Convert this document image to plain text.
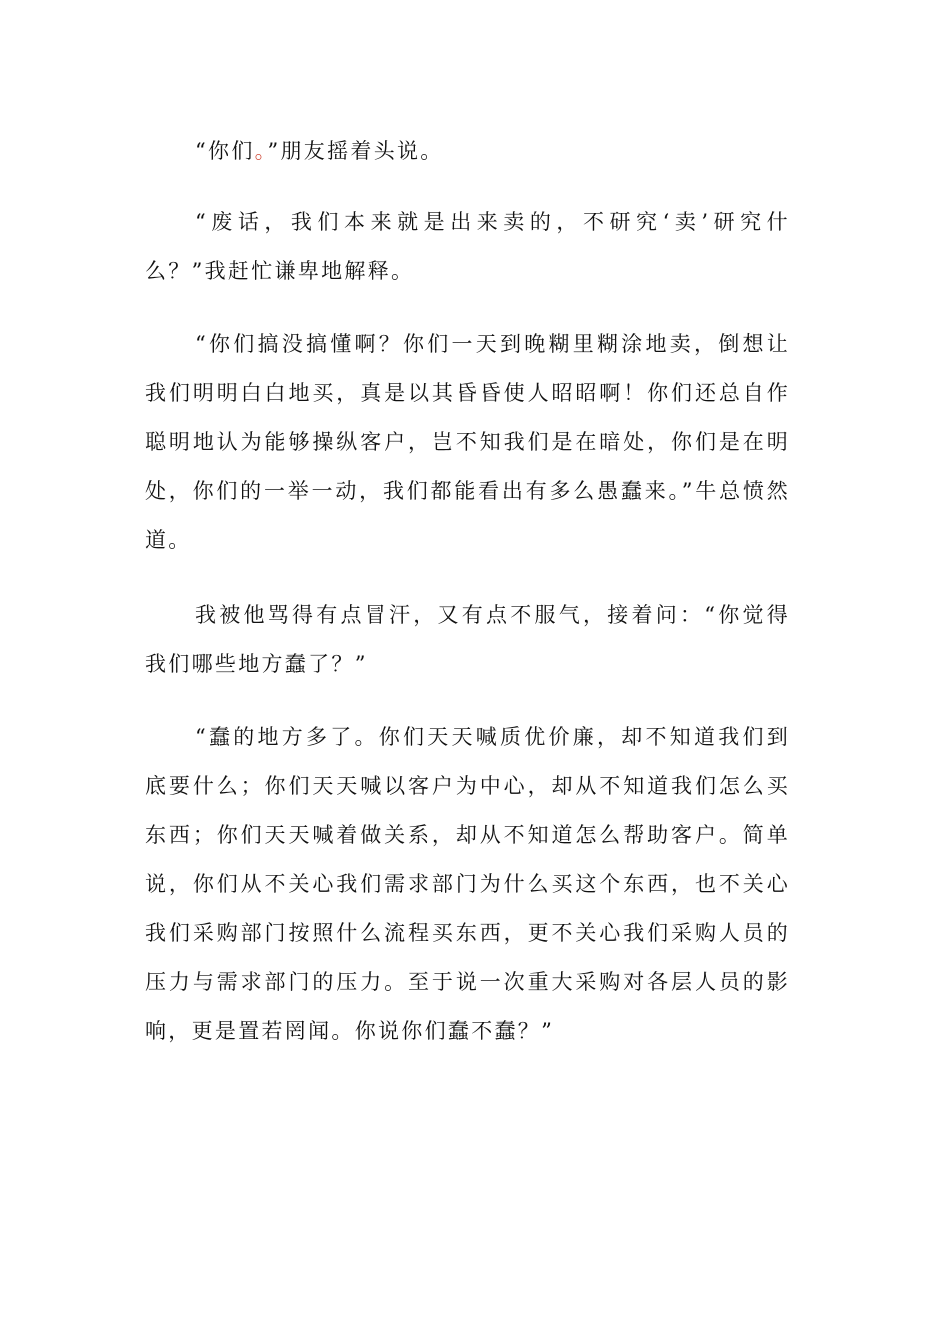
“你们。”朋友摇着头说。

“废话，我们本来就是出来卖的，不研究‘卖’研究什么？”我赶忙谦卑地解释。

“你们搞没搞懂啊？你们一天到晚糊里糊涂地卖，倒想让我们明明白白地买，真是以其昏昏使人昭昭啊！你们还总自作聪明地认为能够操纵客户，岂不知我们是在暗处，你们是在明处，你们的一举一动，我们都能看出有多么愚蠢来。”牛总愤然道。

我被他骂得有点冒汗，又有点不服气，接着问：“你觉得我们哪些地方蠢了？”

“蠢的地方多了。你们天天喊质优价廉，却不知道我们到底要什么；你们天天喊以客户为中心，却从不知道我们怎么买东西；你们天天喊着做关系，却从不知道怎么帮助客户。简单说，你们从不关心我们需求部门为什么买这个东西，也不关心我们采购部门按照什么流程买东西，更不关心我们采购人员的压力与需求部门的压力。至于说一次重大采购对各层人员的影响，更是置若罔闻。你说你们蠢不蠢？”
